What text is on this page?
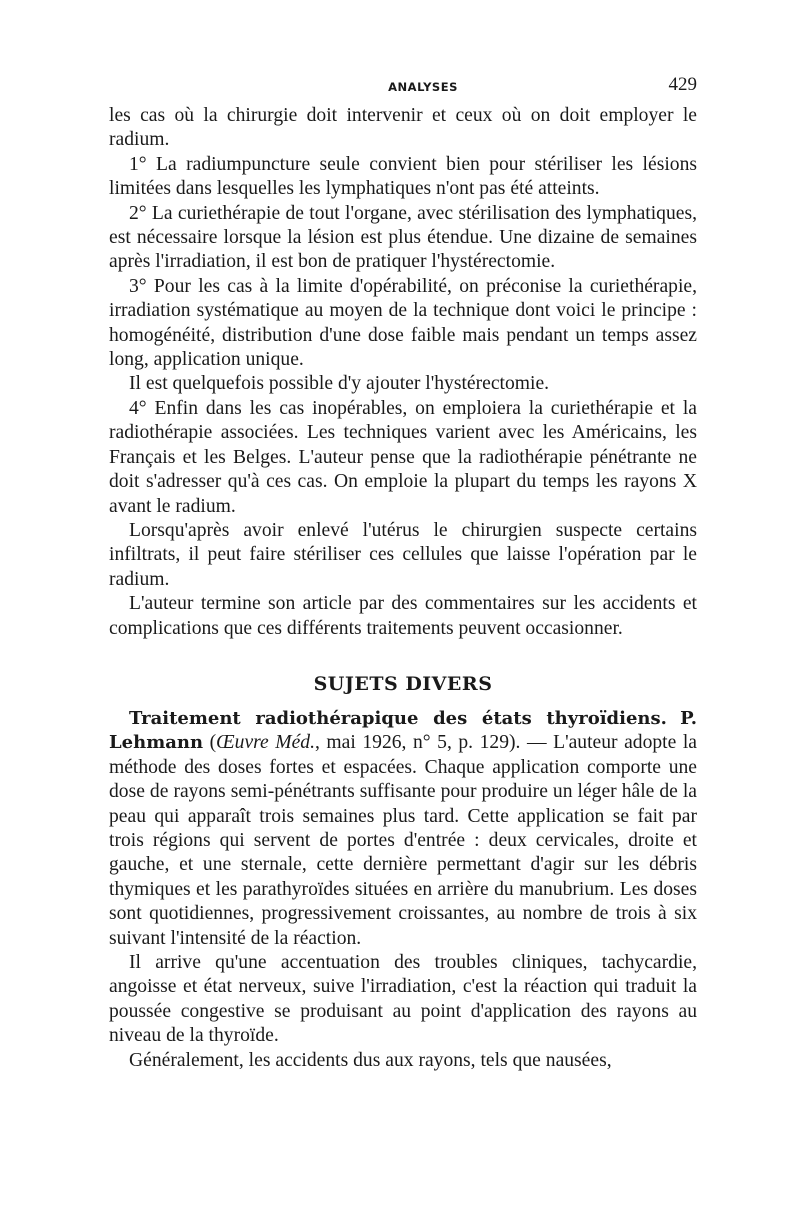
ANALYSES	429

les cas où la chirurgie doit intervenir et ceux où on doit employer le radium.

1° La radiumpuncture seule convient bien pour stériliser les lésions limitées dans lesquelles les lymphatiques n'ont pas été atteints.

2° La curiethérapie de tout l'organe, avec stérilisation des lymphatiques, est nécessaire lorsque la lésion est plus étendue. Une dizaine de semaines après l'irradiation, il est bon de pratiquer l'hystérectomie.

3° Pour les cas à la limite d'opérabilité, on préconise la curiethérapie, irradiation systématique au moyen de la technique dont voici le principe : homogénéité, distribution d'une dose faible mais pendant un temps assez long, application unique.

Il est quelquefois possible d'y ajouter l'hystérectomie.

4° Enfin dans les cas inopérables, on emploiera la curiethérapie et la radiothérapie associées. Les techniques varient avec les Américains, les Français et les Belges. L'auteur pense que la radiothérapie pénétrante ne doit s'adresser qu'à ces cas. On emploie la plupart du temps les rayons X avant le radium.

Lorsqu'après avoir enlevé l'utérus le chirurgien suspecte certains infiltrats, il peut faire stériliser ces cellules que laisse l'opération par le radium.

L'auteur termine son article par des commentaires sur les accidents et complications que ces différents traitements peuvent occasionner.

SUJETS DIVERS

Traitement radiothérapique des états thyroïdiens. P. Lehmann (Œuvre Méd., mai 1926, n° 5, p. 129). — L'auteur adopte la méthode des doses fortes et espacées. Chaque application comporte une dose de rayons semi-pénétrants suffisante pour produire un léger hâle de la peau qui apparaît trois semaines plus tard. Cette application se fait par trois régions qui servent de portes d'entrée : deux cervicales, droite et gauche, et une sternale, cette dernière permettant d'agir sur les débris thymiques et les parathyroïdes situées en arrière du manubrium. Les doses sont quotidiennes, progressivement croissantes, au nombre de trois à six suivant l'intensité de la réaction.

Il arrive qu'une accentuation des troubles cliniques, tachycardie, angoisse et état nerveux, suive l'irradiation, c'est la réaction qui traduit la poussée congestive se produisant au point d'application des rayons au niveau de la thyroïde.

Généralement, les accidents dus aux rayons, tels que nausées,
